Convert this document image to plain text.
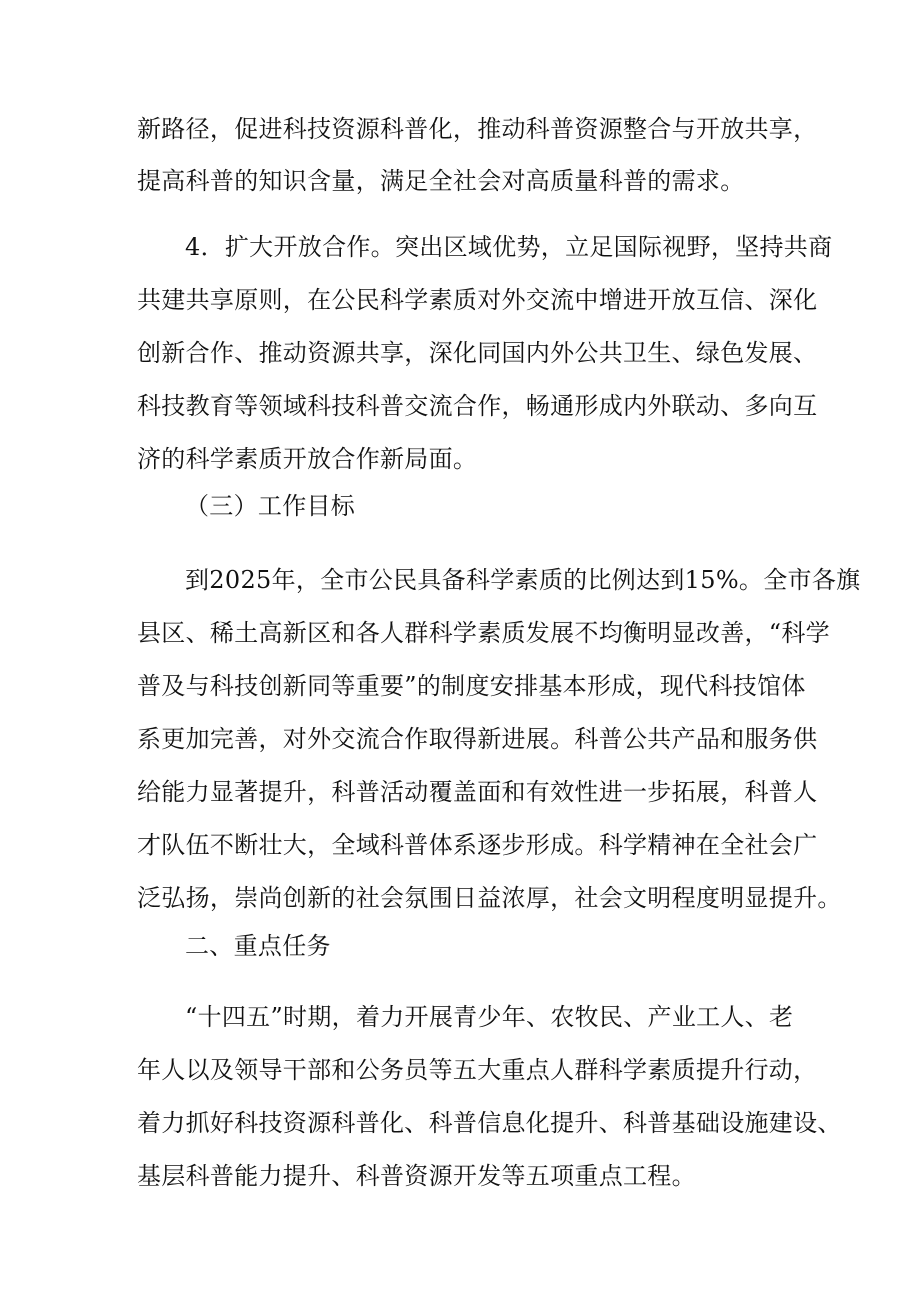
新路径，促进科技资源科普化，推动科普资源整合与开放共享，
提高科普的知识含量，满足全社会对高质量科普的需求。
4．扩大开放合作。突出区域优势，立足国际视野，坚持共商
共建共享原则，在公民科学素质对外交流中增进开放互信、深化
创新合作、推动资源共享，深化同国内外公共卫生、绿色发展、
科技教育等领域科技科普交流合作，畅通形成内外联动、多向互
济的科学素质开放合作新局面。
（三）工作目标
到2025年，全市公民具备科学素质的比例达到15%。全市各旗
县区、稀土高新区和各人群科学素质发展不均衡明显改善，“科学
普及与科技创新同等重要”的制度安排基本形成，现代科技馆体
系更加完善，对外交流合作取得新进展。科普公共产品和服务供
给能力显著提升，科普活动覆盖面和有效性进一步拓展，科普人
才队伍不断壮大，全域科普体系逐步形成。科学精神在全社会广
泛弘扬，崇尚创新的社会氛围日益浓厚，社会文明程度明显提升。
二、重点任务
“十四五”时期，着力开展青少年、农牧民、产业工人、老
年人以及领导干部和公务员等五大重点人群科学素质提升行动，
着力抓好科技资源科普化、科普信息化提升、科普基础设施建设、
基层科普能力提升、科普资源开发等五项重点工程。
